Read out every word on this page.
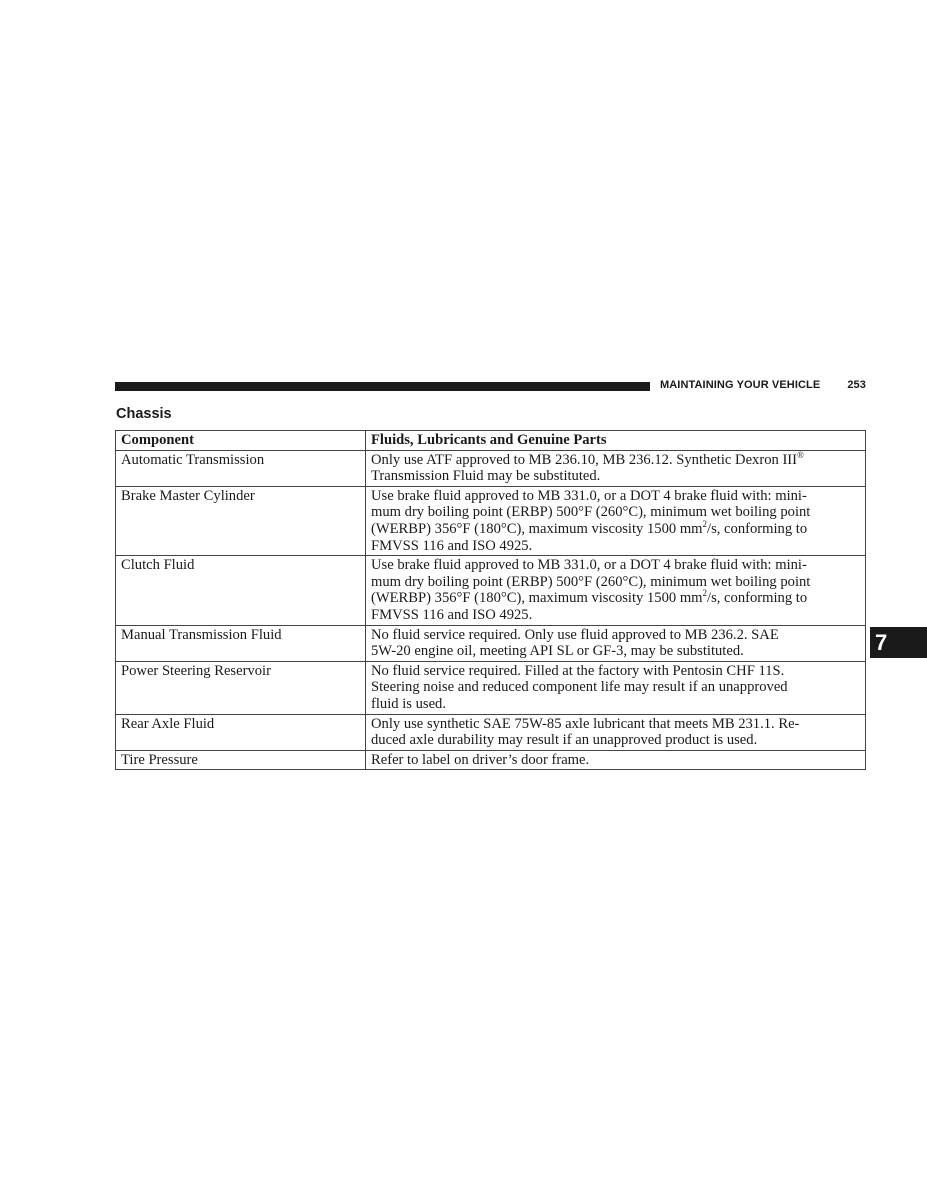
MAINTAINING YOUR VEHICLE 253
Chassis
Component	Fluids, Lubricants and Genuine Parts
Automatic Transmission	Only use ATF approved to MB 236.10, MB 236.12. Synthetic Dexron III®
Transmission Fluid may be substituted.
Brake Master Cylinder	Use brake fluid approved to MB 331.0, or a DOT 4 brake fluid with: mini-
mum dry boiling point (ERBP) 500°F (260°C), minimum wet boiling point
(WERBP) 356°F (180°C), maximum viscosity 1500 $mm^2/s$, conforming to
FMVSS 116 and ISO 4925.
Clutch Fluid	Use brake fluid approved to MB 331.0, or a DOT 4 brake fluid with: mini-
mum dry boiling point (ERBP) 500°F (260°C), minimum wet boiling point
(WERBP) 356°F (180°C), maximum viscosity 1500 $mm^2/s$, conforming to
FMVSS 116 and ISO 4925.
Manual Transmission Fluid	No fluid service required. Only use fluid approved to MB 236.2. SAE
5W-20 engine oil, meeting API SL or GF-3, may be substituted.
Power Steering Reservoir	No fluid service required. Filled at the factory with Pentosin CHF 11S.
Steering noise and reduced component life may result if an unapproved
fluid is used.
Rear Axle Fluid	Only use synthetic SAE 75W-85 axle lubricant that meets MB 231.1. Re-
duced axle durability may result if an unapproved product is used.
Tire Pressure	Refer to label on driver’s door frame.
7
